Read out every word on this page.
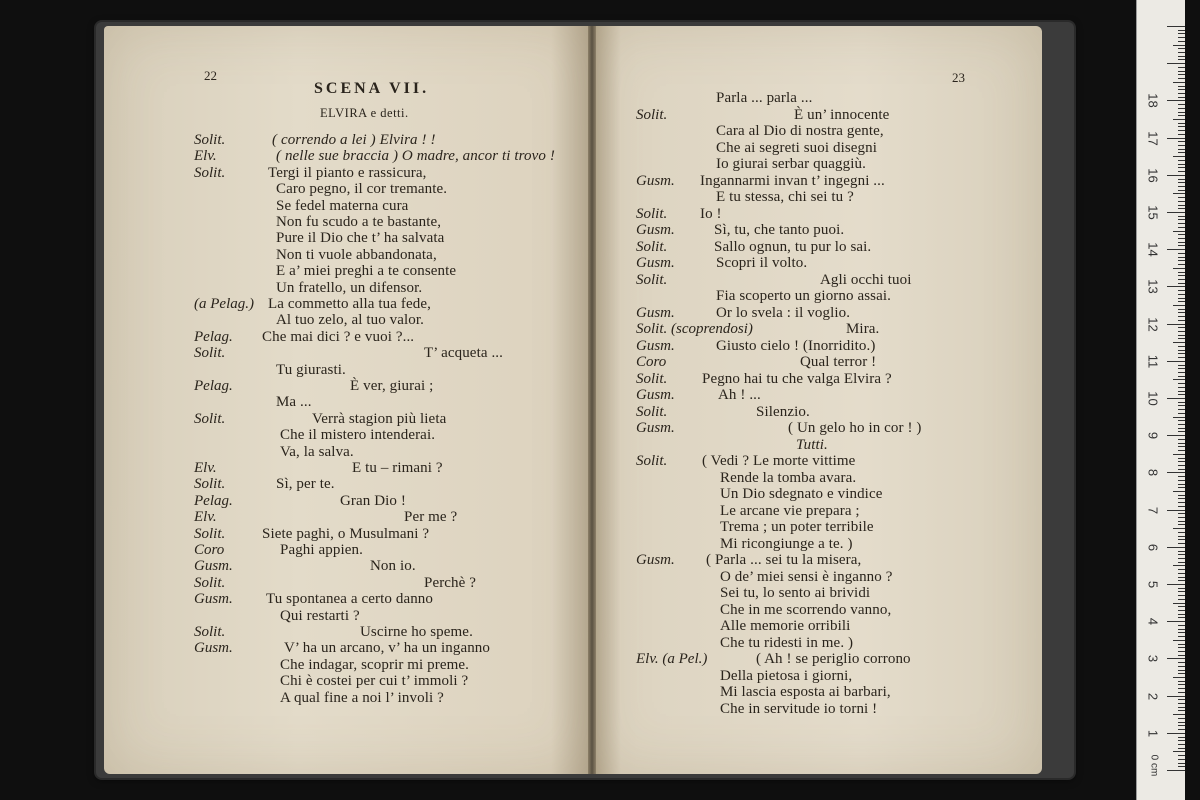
22
SCENA VII.
ELVIRA e detti.
23
Solit.	( correndo a lei ) Elvira ! !
Elv.	( nelle sue braccia ) O madre, ancor ti trovo !
Solit.	Tergi il pianto e rassicura,
Caro pegno, il cor tremante.
Se fedel materna cura
Non fu scudo a te bastante,
Pure il Dio che t’ ha salvata
Non ti vuole abbandonata,
E a’ miei preghi a te consente
Un fratello, un difensor.
(a Pelag.) La commetto alla tua fede,
Al tuo zelo, al tuo valor.
Pelag. Che mai dici ? e vuoi ?...
Solit.	T’ acqueta ...
Tu giurasti.
Pelag.	È ver, giurai ;
Ma ...
Solit.	Verrà stagion più lieta
Che il mistero intenderai.
Va, la salva.
Elv.	E tu – rimani ?
Solit.	Sì, per te.
Pelag.	Gran Dio !
Elv.	Per me ?
Solit. Siete paghi, o Musulmani ?
Coro	Paghi appien.
Gusm.	Non io.
Solit.	Perchè ?
Gusm. Tu spontanea a certo danno
Qui restarti ?
Solit.	Uscirne ho speme.
Gusm.	V’ ha un arcano, v’ ha un inganno
Che indagar, scoprir mi preme.
Chi è costei per cui t’ immoli ?
A qual fine a noi l’ involi ?
Parla ... parla ...
Solit.	È un’ innocente
Cara al Dio di nostra gente,
Che ai segreti suoi disegni
Io giurai serbar quaggiù.
Gusm. Ingannarmi invan t’ ingegni ...
E tu stessa, chi sei tu ?
Solit. Io !
Gusm.	Sì, tu, che tanto puoi.
Solit.	Sallo ognun, tu pur lo sai.
Gusm.	Scopri il volto.
Solit.	Agli occhi tuoi
Fia scoperto un giorno assai.
Gusm.	Or lo svela : il voglio.
Solit. (scoprendosi)	Mira.
Gusm.	Giusto cielo ! (Inorridito.)
Coro	Qual terror !
Solit. Pegno hai tu che valga Elvira ?
Gusm.	Ah ! ...
Solit.	Silenzio.
Gusm.	( Un gelo ho in cor ! )
Tutti.
Solit. ( Vedi ? Le morte vittime
Rende la tomba avara.
Un Dio sdegnato e vindice
Le arcane vie prepara ;
Trema ; un poter terribile
Mi ricongiunge a te. )
Gusm. ( Parla ... sei tu la misera,
O de’ miei sensi è inganno ?
Sei tu, lo sento ai brividi
Che in me scorrendo vanno,
Alle memorie orribili
Che tu ridesti in me. )
Elv. (a Pel.)	( Ah ! se periglio corrono
Della pietosa i giorni,
Mi lascia esposta ai barbari,
Che in servitude io torni !
0 cm
1
2
3
4
5
6
7
8
9
10
11
12
13
14
15
16
17
18
